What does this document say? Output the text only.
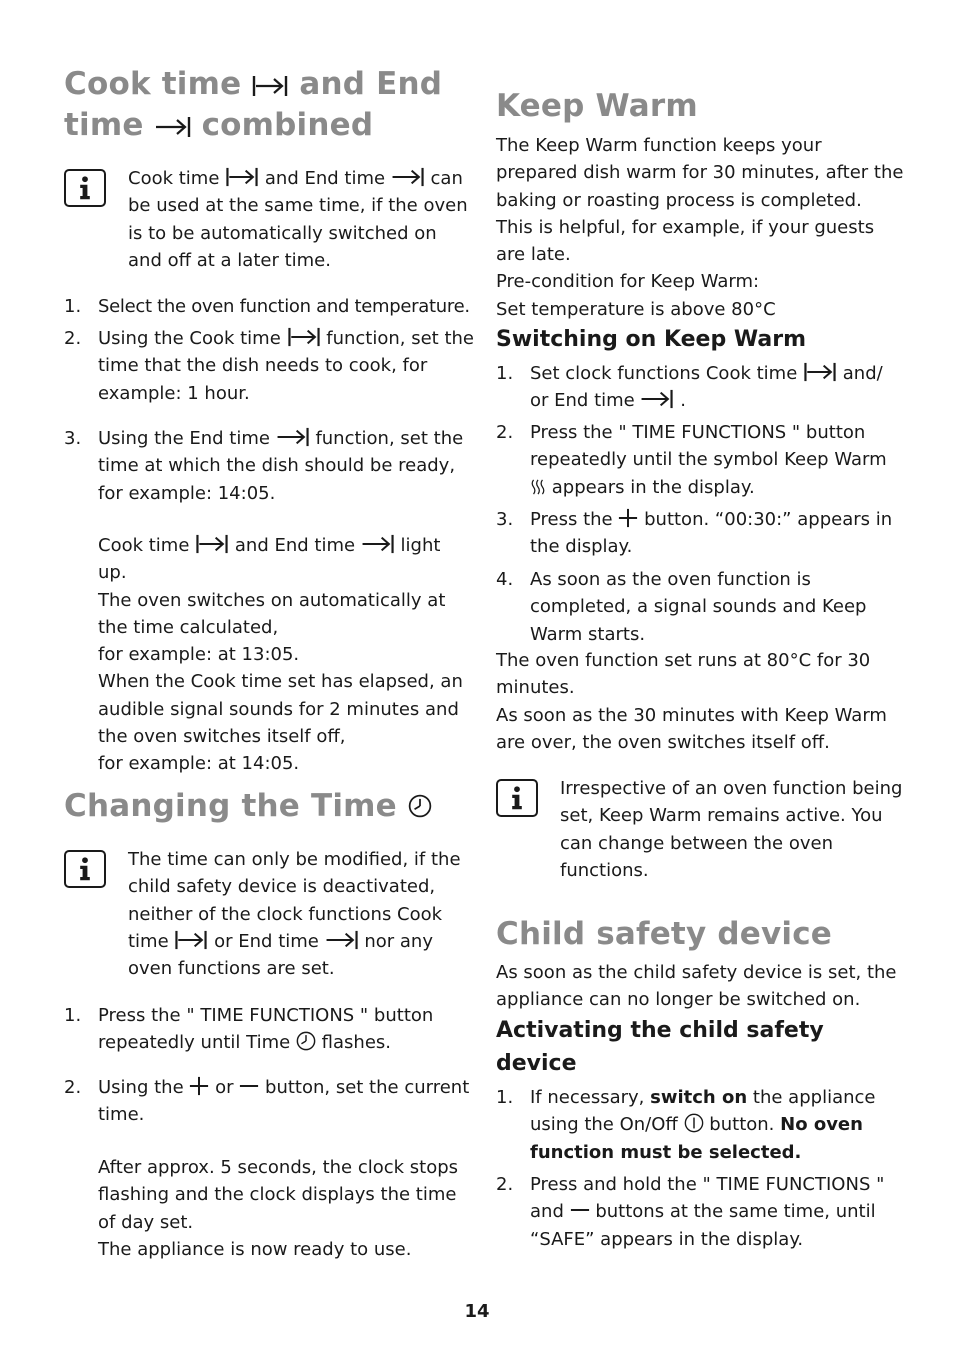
Cook time and End
time combined
Cook time	and End time	can be used at the same time, if the oven is to be automatically switched on and off at a later time.
1. Select the oven function and temperature.
2. Using the Cook time	function, set the time that the dish needs to cook, for example: 1 hour.
3. Using the End time	function, set the time at which the dish should be ready, for example: 14:05.
Cook time	and End time	light up.
The oven switches on automatically at the time calculated,
for example: at 13:05.
When the Cook time set has elapsed, an audible signal sounds for 2 minutes and the oven switches itself off,
for example: at 14:05.
Changing the Time
The time can only be modified, if the child safety device is deactivated, neither of the clock functions Cook time	or End time	nor any oven functions are set.
1. Press the " TIME FUNCTIONS " button repeatedly until Time flashes.
2. Using the or button, set the current time.
After approx. 5 seconds, the clock stops flashing and the clock displays the time of day set.
The appliance is now ready to use.
Keep Warm
The Keep Warm function keeps your prepared dish warm for 30 minutes, after the baking or roasting process is completed.
This is helpful, for example, if your guests are late.
Pre-condition for Keep Warm:
Set temperature is above 80°C
Switching on Keep Warm
1. Set clock functions Cook time	and/ or End time	.
2. Press the " TIME FUNCTIONS " button repeatedly until the symbol Keep Warm
appears in the display.
3. Press the button. “00:30:” appears in the display.
4. As soon as the oven function is completed, a signal sounds and Keep Warm starts.
The oven function set runs at 80°C for 30 minutes.
As soon as the 30 minutes with Keep Warm are over, the oven switches itself off.
Irrespective of an oven function being set, Keep Warm remains active. You can change between the oven functions.
Child safety device
As soon as the child safety device is set, the appliance can no longer be switched on.
Activating the child safety device
1. If necessary, switch on the appliance using the On/Off button. No oven function must be selected.
2. Press and hold the " TIME FUNCTIONS " and buttons at the same time, until “SAFE” appears in the display.
14
